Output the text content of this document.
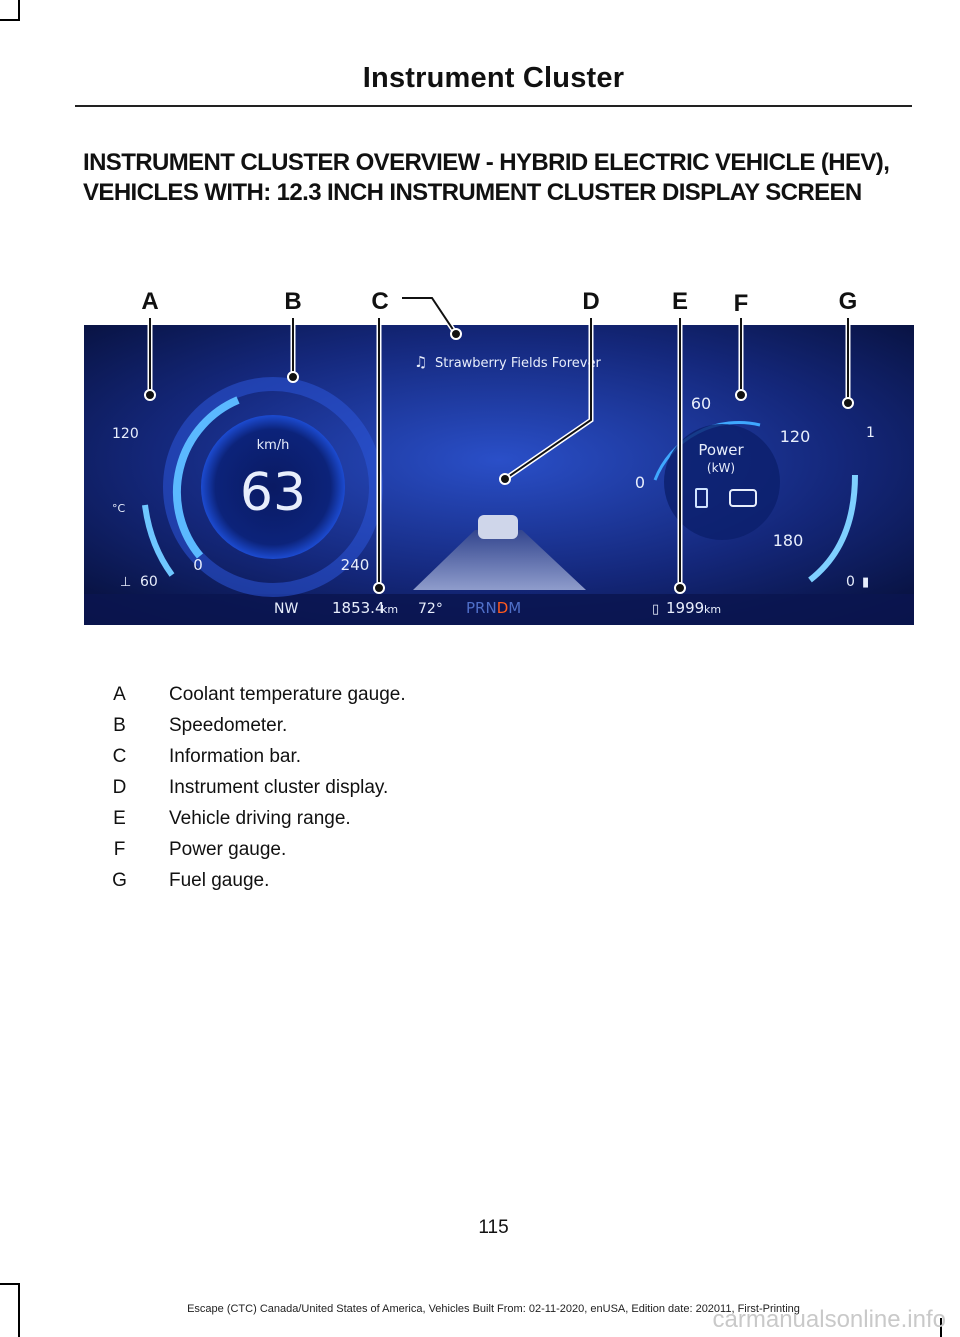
Instrument Cluster
INSTRUMENT CLUSTER OVERVIEW - HYBRID ELECTRIC VEHICLE (HEV), VEHICLES WITH: 12.3 INCH INSTRUMENT CLUSTER DISPLAY SCREEN
km/h
63
0	240
120
°C
60
⊥
♫ Strawberry Fields Forever
60
120
0
180
Power
(kW)
1
0 ▮
NW 1853.4
km 72° PRNDM	▯ 1999 km
A	B	C	D	E F	G
A Coolant temperature gauge.
B Speedometer.
C Information bar.
D Instrument cluster display.
E Vehicle driving range.
F	Power gauge.
G Fuel gauge.
115
Escape (CTC) Canada/United States of America, Vehicles Built From: 02-11-2020, enUSA, Edition date: 202011, First-Printing
carmanualsonline.info
